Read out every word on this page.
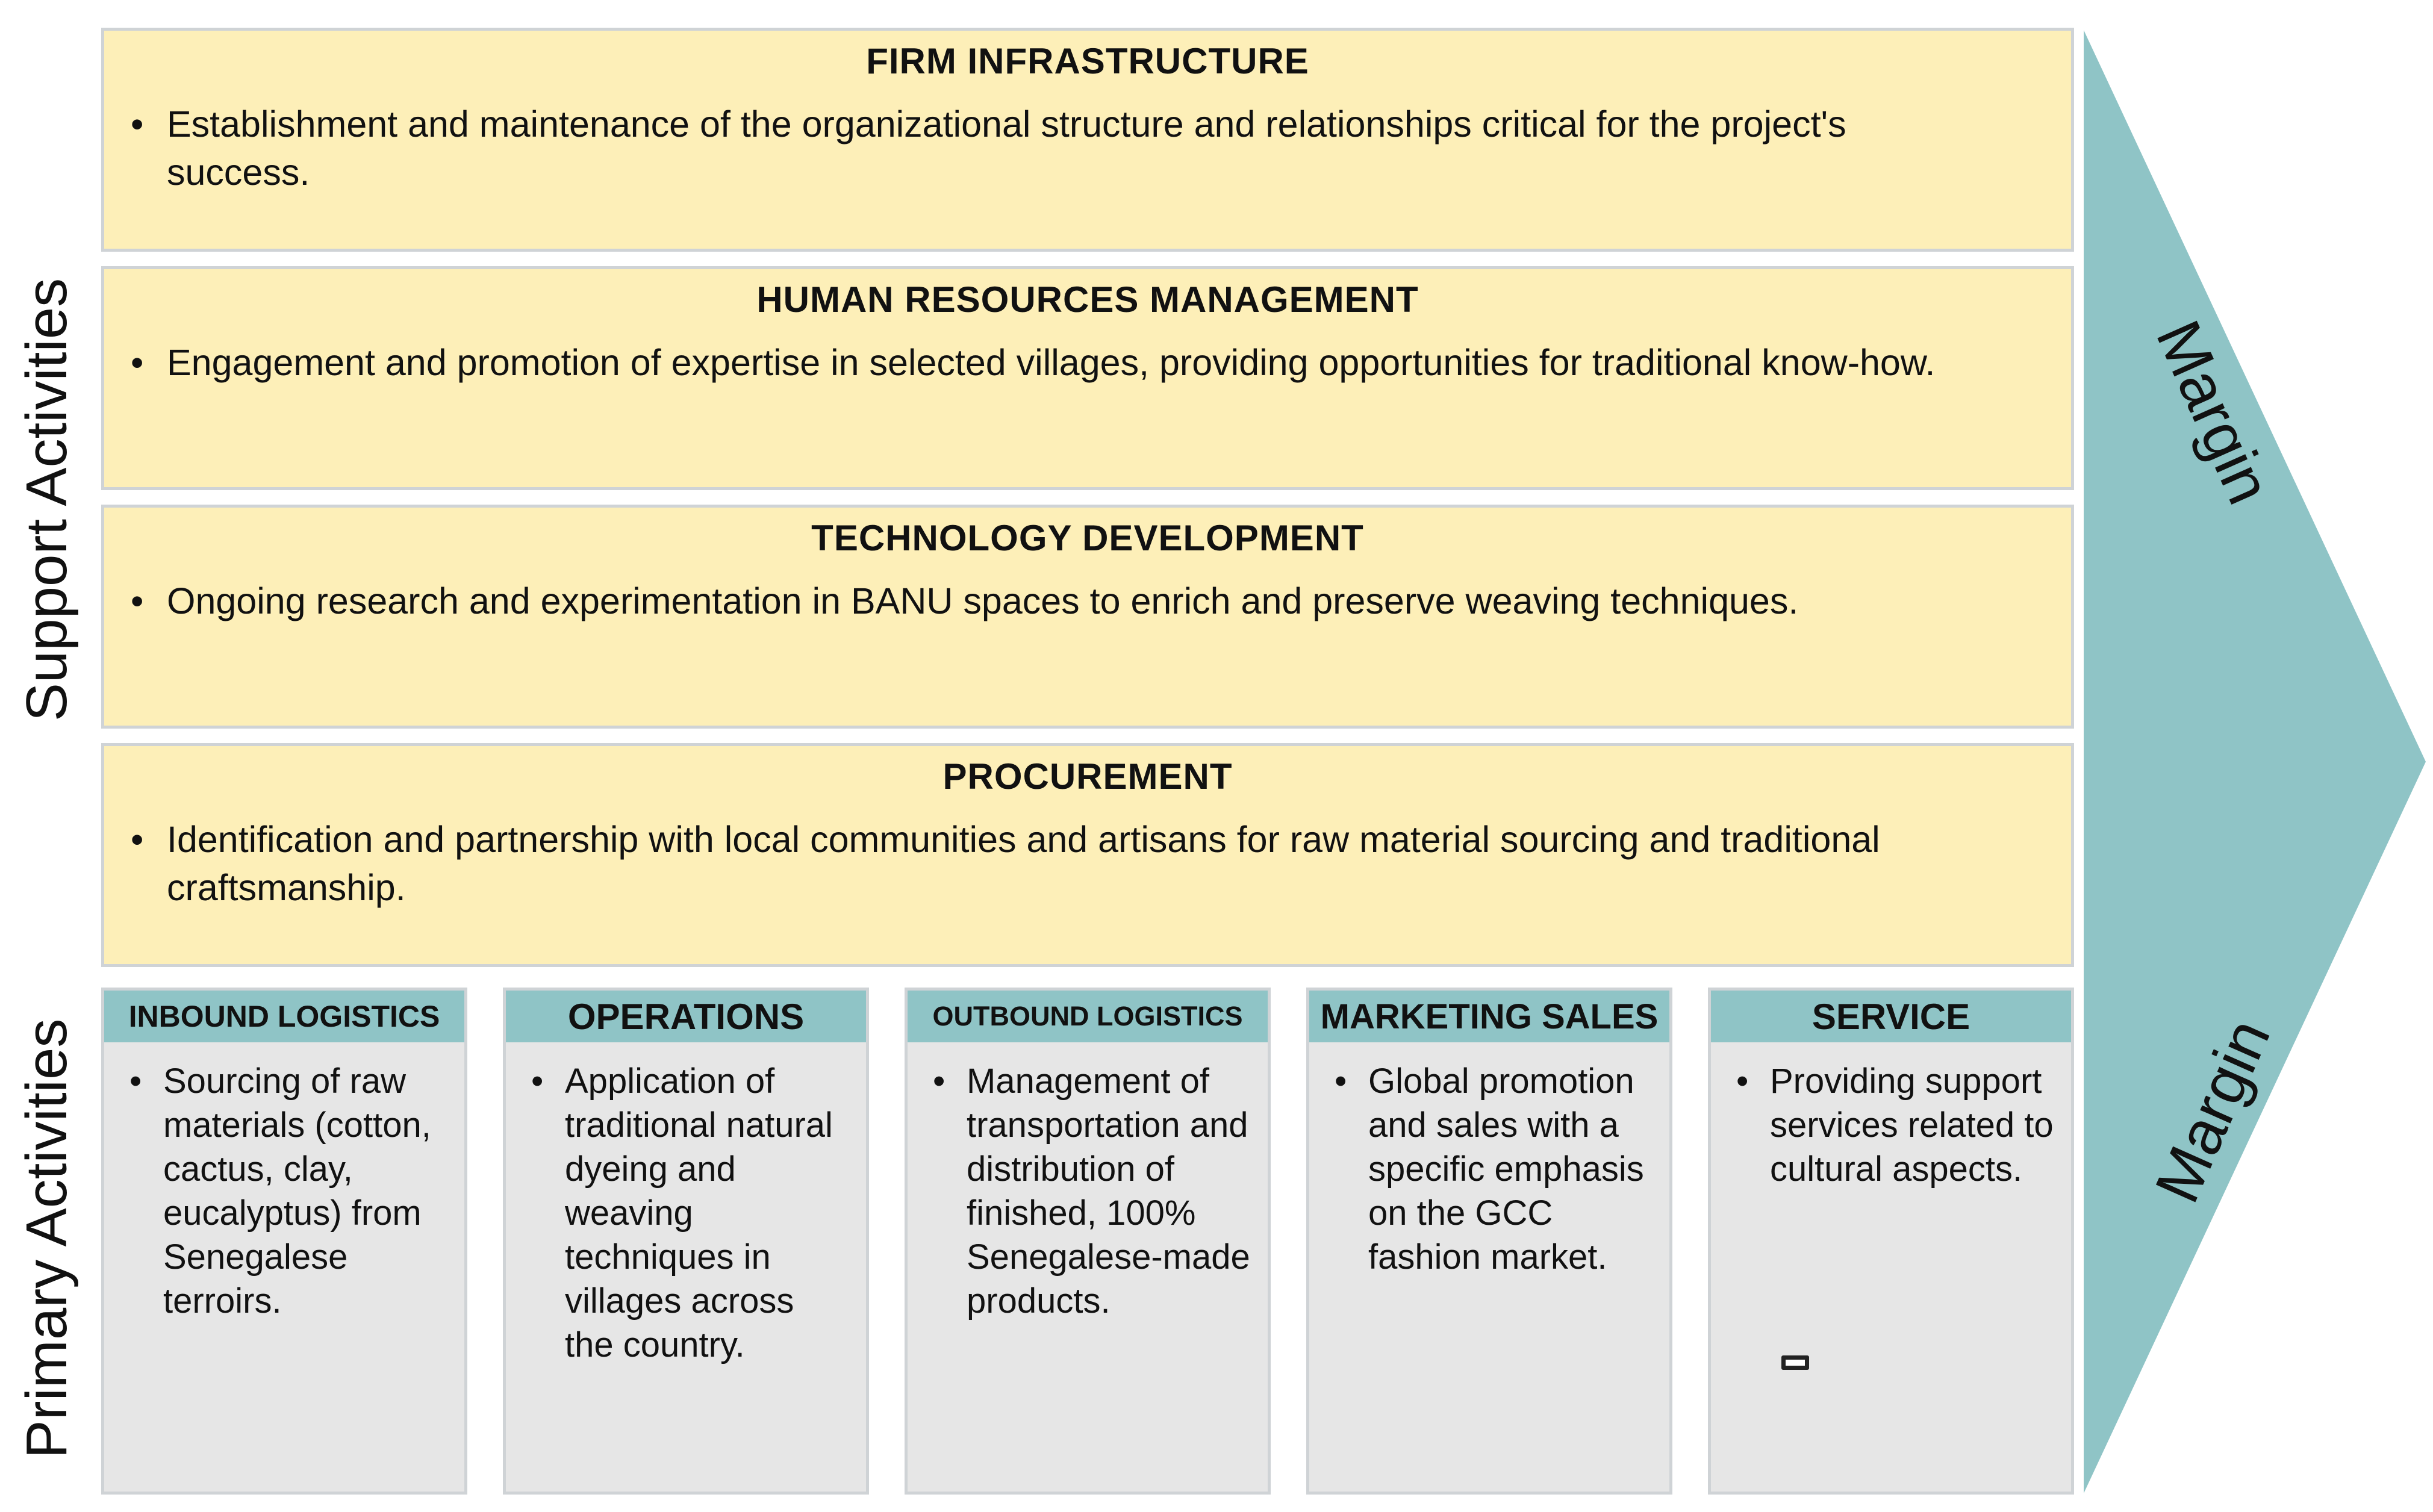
Support Activities
Primary Activities
FIRM INFRASTRUCTURE
• Establishment and maintenance of the organizational structure and relationships critical for the project's success.
HUMAN RESOURCES MANAGEMENT
• Engagement and promotion of expertise in selected villages, providing opportunities for traditional know-how.
TECHNOLOGY DEVELOPMENT
• Ongoing research and experimentation in BANU spaces to enrich and preserve weaving techniques.
PROCUREMENT
• Identification and partnership with local communities and artisans for raw material sourcing and traditional craftsmanship.
INBOUND LOGISTICS
• Sourcing of raw materials (cotton, cactus, clay, eucalyptus) from Senegalese terroirs.
OPERATIONS
• Application of traditional natural dyeing and weaving techniques in villages across the country.
OUTBOUND LOGISTICS
• Management of transportation and distribution of finished, 100% Senegalese-made products.
MARKETING SALES
• Global promotion and sales with a specific emphasis on the GCC fashion market.
SERVICE
• Providing support services related to cultural aspects.
Margin
Margin
